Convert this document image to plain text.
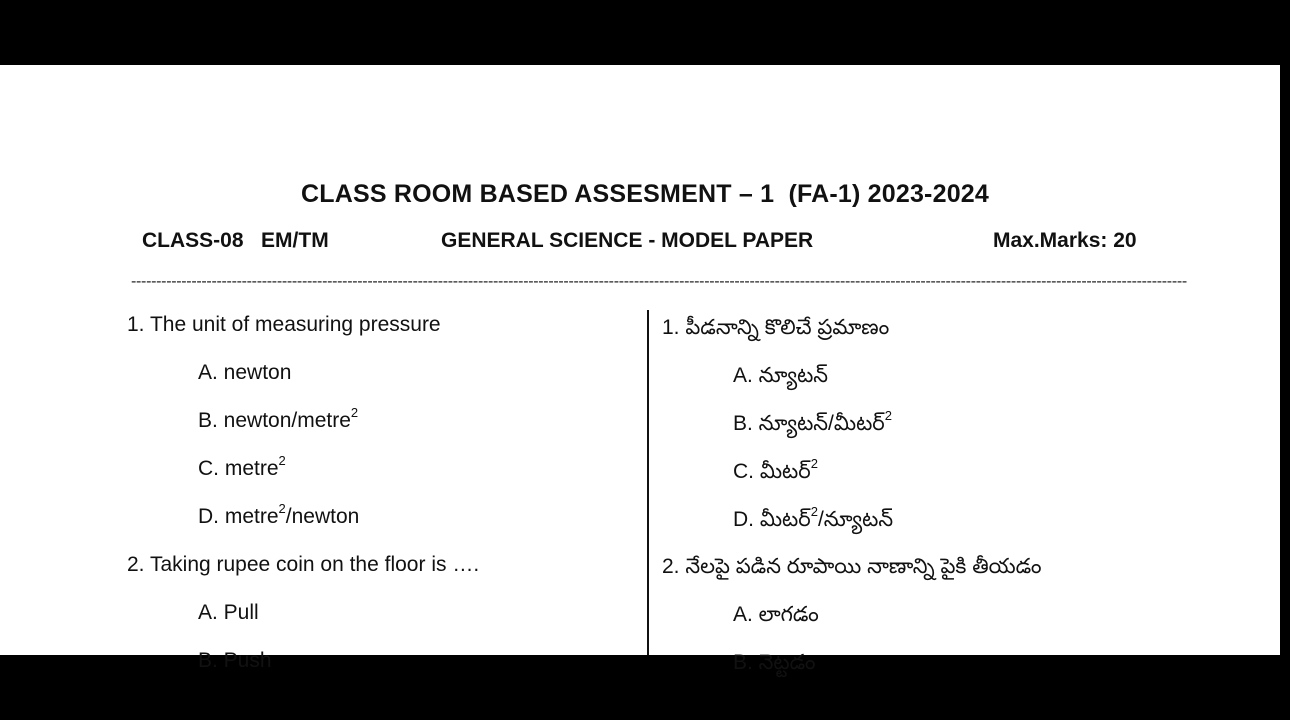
CLASS ROOM BASED ASSESMENT – 1  (FA-1) 2023-2024
CLASS-08   EM/TM	GENERAL SCIENCE - MODEL PAPER	Max.Marks: 20
------------------------------------------------------------------------------------------------------------------------------------------------------------------------------------------------------------------
1. The unit of measuring pressure
A. newton
B. newton/metre$^2$
C. metre$^2$
D. metre$^2$/newton
2. Taking rupee coin on the floor is ….
A. Pull
B. Push
1. పీడనాన్ని కొలిచే ప్రమాణం
A. న్యూటన్
B. న్యూటన్/మీటర్$^2$
C. మీటర్$^2$
D. మీటర్$^2$/న్యూటన్
2. నేలపై పడిన రూపాయి నాణాన్ని పైకి తీయడం
A. లాగడం
B. నెట్టడం
